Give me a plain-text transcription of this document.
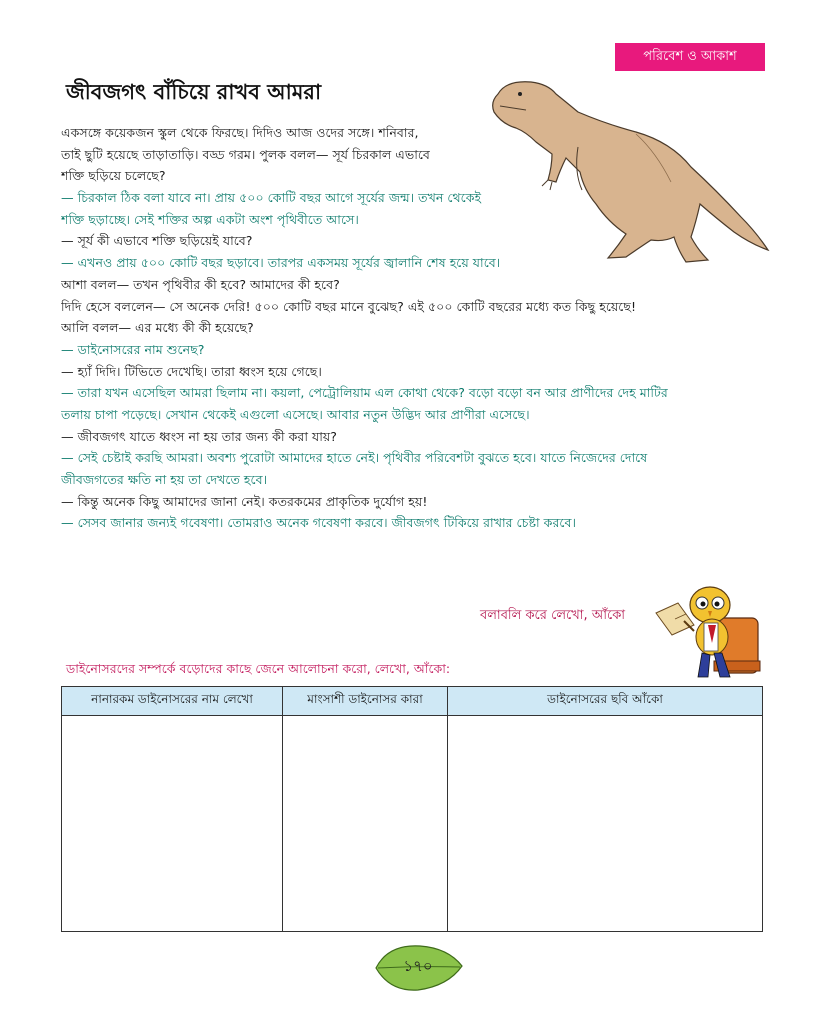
পরিবেশ ও আকাশ
জীবজগৎ বাঁচিয়ে রাখব আমরা
একসঙ্গে কয়েকজন স্কুল থেকে ফিরছে। দিদিও আজ ওদের সঙ্গে। শনিবার,
তাই ছুটি হয়েছে তাড়াতাড়ি। বড্ড গরম। পুলক বলল— সূর্য চিরকাল এভাবে
শক্তি ছড়িয়ে চলেছে?
— চিরকাল ঠিক বলা যাবে না। প্রায় ৫০০ কোটি বছর আগে সূর্যের জন্ম। তখন থেকেই
শক্তি ছড়াচ্ছে। সেই শক্তির অল্প একটা অংশ পৃথিবীতে আসে।
— সূর্য কী এভাবে শক্তি ছড়িয়েই যাবে?
— এখনও প্রায় ৫০০ কোটি বছর ছড়াবে। তারপর একসময় সূর্যের জ্বালানি শেষ হয়ে যাবে।
আশা বলল— তখন পৃথিবীর কী হবে? আমাদের কী হবে?
দিদি হেসে বললেন— সে অনেক দেরি! ৫০০ কোটি বছর মানে বুঝেছ? এই ৫০০ কোটি বছরের মধ্যে কত কিছু হয়েছে!
আলি বলল— এর মধ্যে কী কী হয়েছে?
— ডাইনোসরের নাম শুনেছ?
— হ্যাঁ দিদি। টিভিতে দেখেছি। তারা ধ্বংস হয়ে গেছে।
— তারা যখন এসেছিল আমরা ছিলাম না। কয়লা, পেট্রোলিয়াম এল কোথা থেকে? বড়ো বড়ো বন আর প্রাণীদের দেহ মাটির
তলায় চাপা পড়েছে। সেখান থেকেই এগুলো এসেছে। আবার নতুন উদ্ভিদ আর প্রাণীরা এসেছে।
— জীবজগৎ যাতে ধ্বংস না হয় তার জন্য কী করা যায়?
— সেই চেষ্টাই করছি আমরা। অবশ্য পুরোটা আমাদের হাতে নেই। পৃথিবীর পরিবেশটা বুঝতে হবে। যাতে নিজেদের দোষে
জীবজগতের ক্ষতি না হয় তা দেখতে হবে।
— কিন্তু অনেক কিছু আমাদের জানা নেই। কতরকমের প্রাকৃতিক দুর্যোগ হয়!
— সেসব জানার জন্যই গবেষণা। তোমরাও অনেক গবেষণা করবে। জীবজগৎ টিকিয়ে রাখার চেষ্টা করবে।
বলাবলি করে লেখো, আঁকো
ডাইনোসরদের সম্পর্কে বড়োদের কাছে জেনে আলোচনা করো, লেখো, আঁকো:
নানারকম ডাইনোসরের নাম লেখো	মাংসাশী ডাইনোসর কারা	ডাইনোসরের ছবি আঁকো

১৭০
